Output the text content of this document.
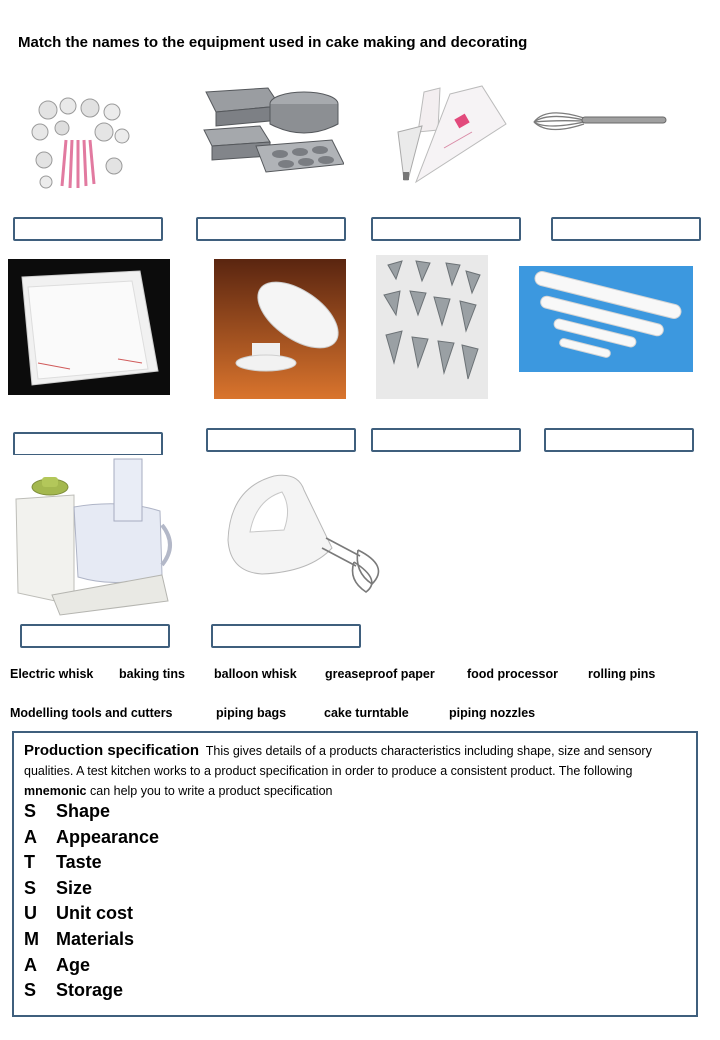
Match the names to the equipment used in cake making and decorating
Electric whisk baking tins balloon whisk greaseproof paper	food processor rolling pins
Modelling tools and cutters	piping bags	cake turntable	piping nozzles
Production specification This gives details of a products characteristics including shape, size and sensory qualities. A test kitchen works to a product specification in order to produce a consistent product. The following mnemonic can help you to write a product specification
S Shape
A Appearance
T Taste
S Size
U Unit cost
M Materials
A Age
S Storage
